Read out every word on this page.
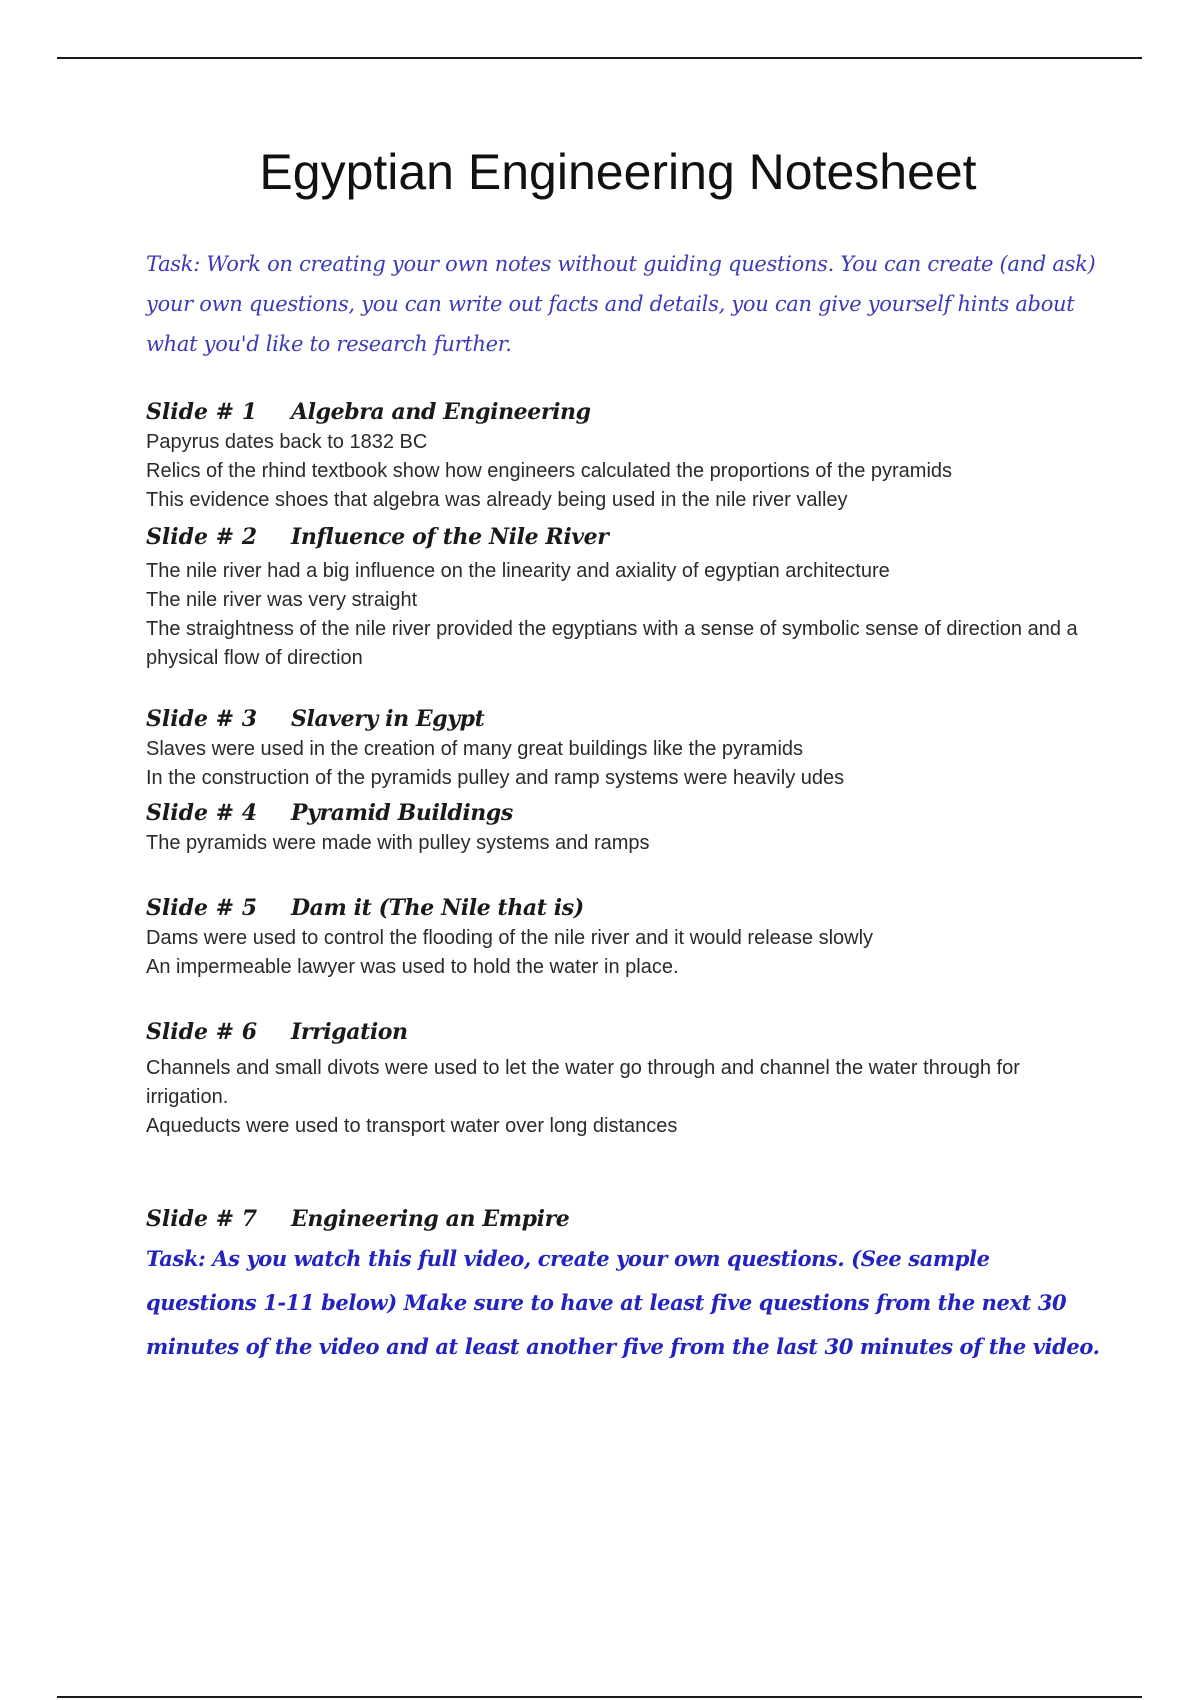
Egyptian Engineering Notesheet
Task: Work on creating your own notes without guiding questions. You can create (and ask) your own questions, you can write out facts and details, you can give yourself hints about what you'd like to research further.
Slide # 1	Algebra and Engineering
Papyrus dates back to 1832 BC
Relics of the rhind textbook show how engineers calculated the proportions of the pyramids
This evidence shoes that algebra was already being used in the nile river valley
Slide # 2	Influence of the Nile River
The nile river had a big influence on the linearity and axiality of egyptian architecture
The nile river was very straight
The straightness of the nile river provided the egyptians with a sense of symbolic sense of direction and a physical flow of direction
Slide # 3	Slavery in Egypt
Slaves were used in the creation of many great buildings like the pyramids
In the construction of the pyramids pulley and ramp systems were heavily udes
Slide # 4	Pyramid Buildings
The pyramids were made with pulley systems and ramps
Slide # 5	Dam it (The Nile that is)
Dams were used to control the flooding of the nile river and it would release slowly
An impermeable lawyer was used to hold the water in place.
Slide # 6	Irrigation
Channels and small divots were used to let the water go through and channel the water through for irrigation.
Aqueducts were used to transport water over long distances
Slide # 7	Engineering an Empire
Task: As you watch this full video, create your own questions. (See sample questions 1-11 below) Make sure to have at least five questions from the next 30 minutes of the video and at least another five from the last 30 minutes of the video.
